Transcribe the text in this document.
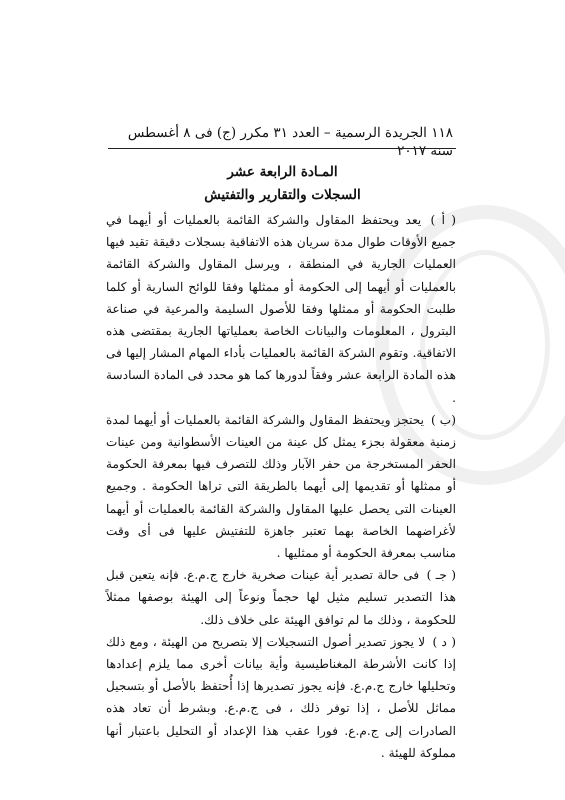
١١٨ الجريدة الرسمية – العدد ٣١ مكرر (ج) فى ٨ أغسطس سنة ٢٠١٧
المـادة الرابعة عشر
السجلات والتقارير والتفتيش

( أ ) يعد ويحتفظ المقاول والشركة القائمة بالعمليات أو أيهما في جميع الأوقات طوال مدة سريان هذه الاتفاقية بسجلات دقيقة تقيد فيها العمليات الجارية في المنطقة ، ويرسل المقاول والشركة القائمة بالعمليات أو أيهما إلى الحكومة أو ممثلها وفقا للوائح السارية أو كلما طلبت الحكومة أو ممثلها وفقا للأصول السليمة والمرعية في صناعة البترول ، المعلومات والبيانات الخاصة بعملياتها الجارية بمقتضى هذه الاتفاقية. وتقوم الشركة القائمة بالعمليات بأداء المهام المشار إليها فى هذه المادة الرابعة عشر وفقاً لدورها كما هو محدد فى المادة السادسة .

(ب ) يحتجز ويحتفظ المقاول والشركة القائمة بالعمليات أو أيهما لمدة زمنية معقولة بجزء يمثل كل عينة من العينات الأسطوانية ومن عينات الحفر المستخرجة من حفر الآبار وذلك للتصرف فيها بمعرفة الحكومة أو ممثلها أو تقديمها إلى أيهما بالطريقة التى تراها الحكومة . وجميع العينات التى يحصل عليها المقاول والشركة القائمة بالعمليات أو أيهما لأغراضهما الخاصة بهما تعتبر جاهزة للتفتيش عليها فى أى وقت مناسب بمعرفة الحكومة أو ممثليها .

( جـ ) فى حالة تصدير أية عينات صخرية خارج ج.م.ع. فإنه يتعين قبل هذا التصدير تسليم مثيل لها حجماً ونوعاً إلى الهيئة بوصفها ممثلاً للحكومة ، وذلك ما لم توافق الهيئة على خلاف ذلك.

( د ) لا يجوز تصدير أصول التسجيلات إلا بتصريح من الهيئة ، ومع ذلك إذا كانت الأشرطة المغناطيسية وأية بيانات أخرى مما يلزم إعدادها وتحليلها خارج ج.م.ع. فإنه يجوز تصديرها إذا أُحتفظ بالأصل أو بتسجيل مماثل للأصل ، إذا توفر ذلك ، فى ج.م.ع. وبشرط أن تعاد هذه الصادرات إلى ج.م.ع. فورا عقب هذا الإعداد أو التحليل باعتبار أنها مملوكة للهيئة .
